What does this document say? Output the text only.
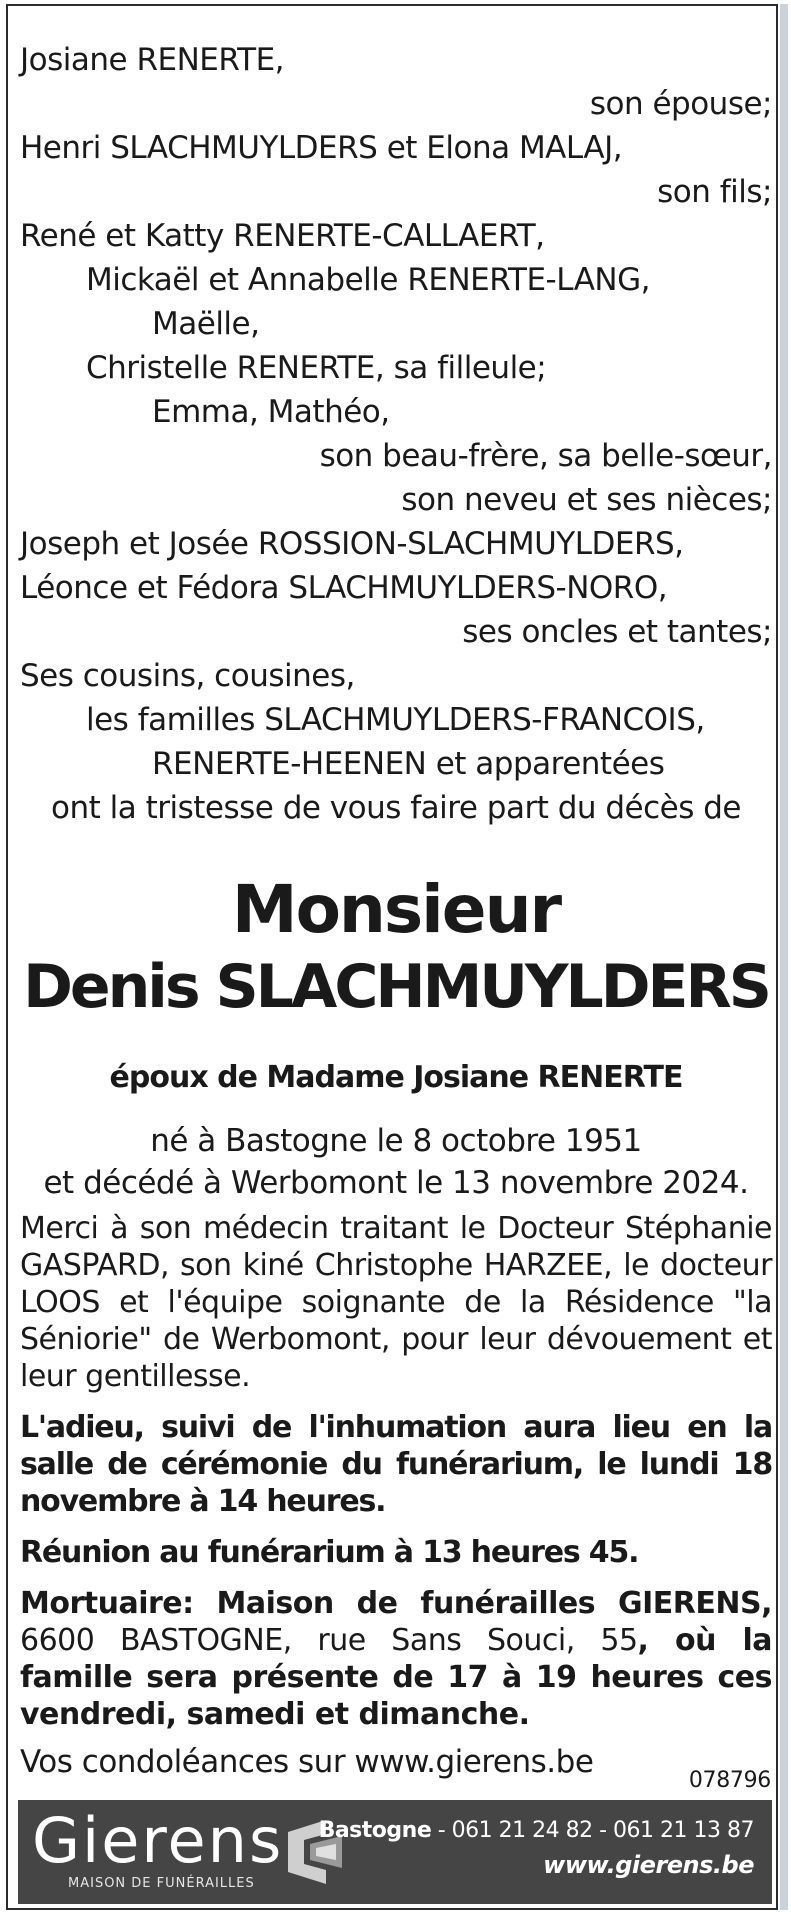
Josiane RENERTE,
son épouse;
Henri SLACHMUYLDERS et Elona MALAJ,
son fils;
René et Katty RENERTE-CALLAERT,
Mickaël et Annabelle RENERTE-LANG,
Maëlle,
Christelle RENERTE, sa filleule;
Emma, Mathéo,
son beau-frère, sa belle-sœur,
son neveu et ses nièces;
Joseph et Josée ROSSION-SLACHMUYLDERS,
Léonce et Fédora SLACHMUYLDERS-NORO,
ses oncles et tantes;
Ses cousins, cousines,
les familles SLACHMUYLDERS-FRANCOIS,
RENERTE-HEENEN et apparentées
ont la tristesse de vous faire part du décès de
Monsieur
Denis SLACHMUYLDERS
époux de Madame Josiane RENERTE
né à Bastogne le 8 octobre 1951
et décédé à Werbomont le 13 novembre 2024.
Merci à son médecin traitant le Docteur Stéphanie GASPARD, son kiné Christophe HARZEE, le docteur LOOS et l'équipe soignante de la Résidence "la Séniorie" de Werbomont, pour leur dévouement et leur gentillesse.
L'adieu, suivi de l'inhumation aura lieu en la salle de cérémonie du funérarium, le lundi 18 novembre à 14 heures.
Réunion au funérarium à 13 heures 45.
Mortuaire: Maison de funérailles GIERENS, 6600 BASTOGNE, rue Sans Souci, 55, où la famille sera présente de 17 à 19 heures ces vendredi, samedi et dimanche.
Vos condoléances sur www.gierens.be
078796
Gierens
MAISON DE FUNÉRAILLES
Bastogne - 061 21 24 82 - 061 21 13 87
www.gierens.be
